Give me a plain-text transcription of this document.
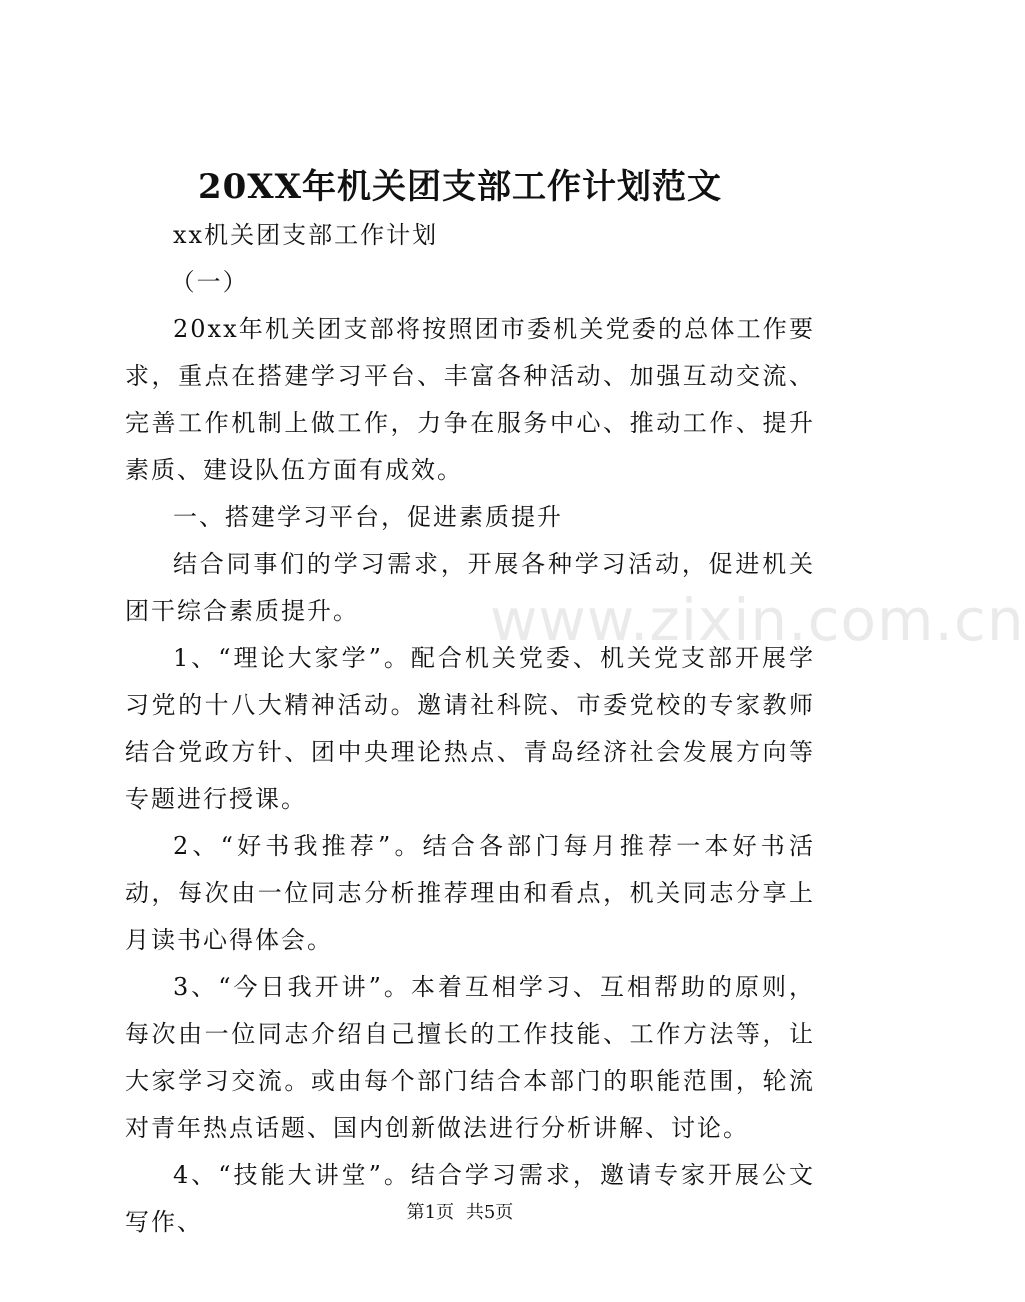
20XX年机关团支部工作计划范文

xx机关团支部工作计划

（一）

20xx年机关团支部将按照团市委机关党委的总体工作要求，重点在搭建学习平台、丰富各种活动、加强互动交流、完善工作机制上做工作，力争在服务中心、推动工作、提升素质、建设队伍方面有成效。

一、搭建学习平台，促进素质提升

结合同事们的学习需求，开展各种学习活动，促进机关团干综合素质提升。

1、“理论大家学”。配合机关党委、机关党支部开展学习党的十八大精神活动。邀请社科院、市委党校的专家教师结合党政方针、团中央理论热点、青岛经济社会发展方向等专题进行授课。

2、“好书我推荐”。结合各部门每月推荐一本好书活动，每次由一位同志分析推荐理由和看点，机关同志分享上月读书心得体会。

3、“今日我开讲”。本着互相学习、互相帮助的原则，每次由一位同志介绍自己擅长的工作技能、工作方法等，让大家学习交流。或由每个部门结合本部门的职能范围，轮流对青年热点话题、国内创新做法进行分析讲解、讨论。

4、“技能大讲堂”。结合学习需求，邀请专家开展公文写作、

www.zixin.com.cn
第1页 共5页
